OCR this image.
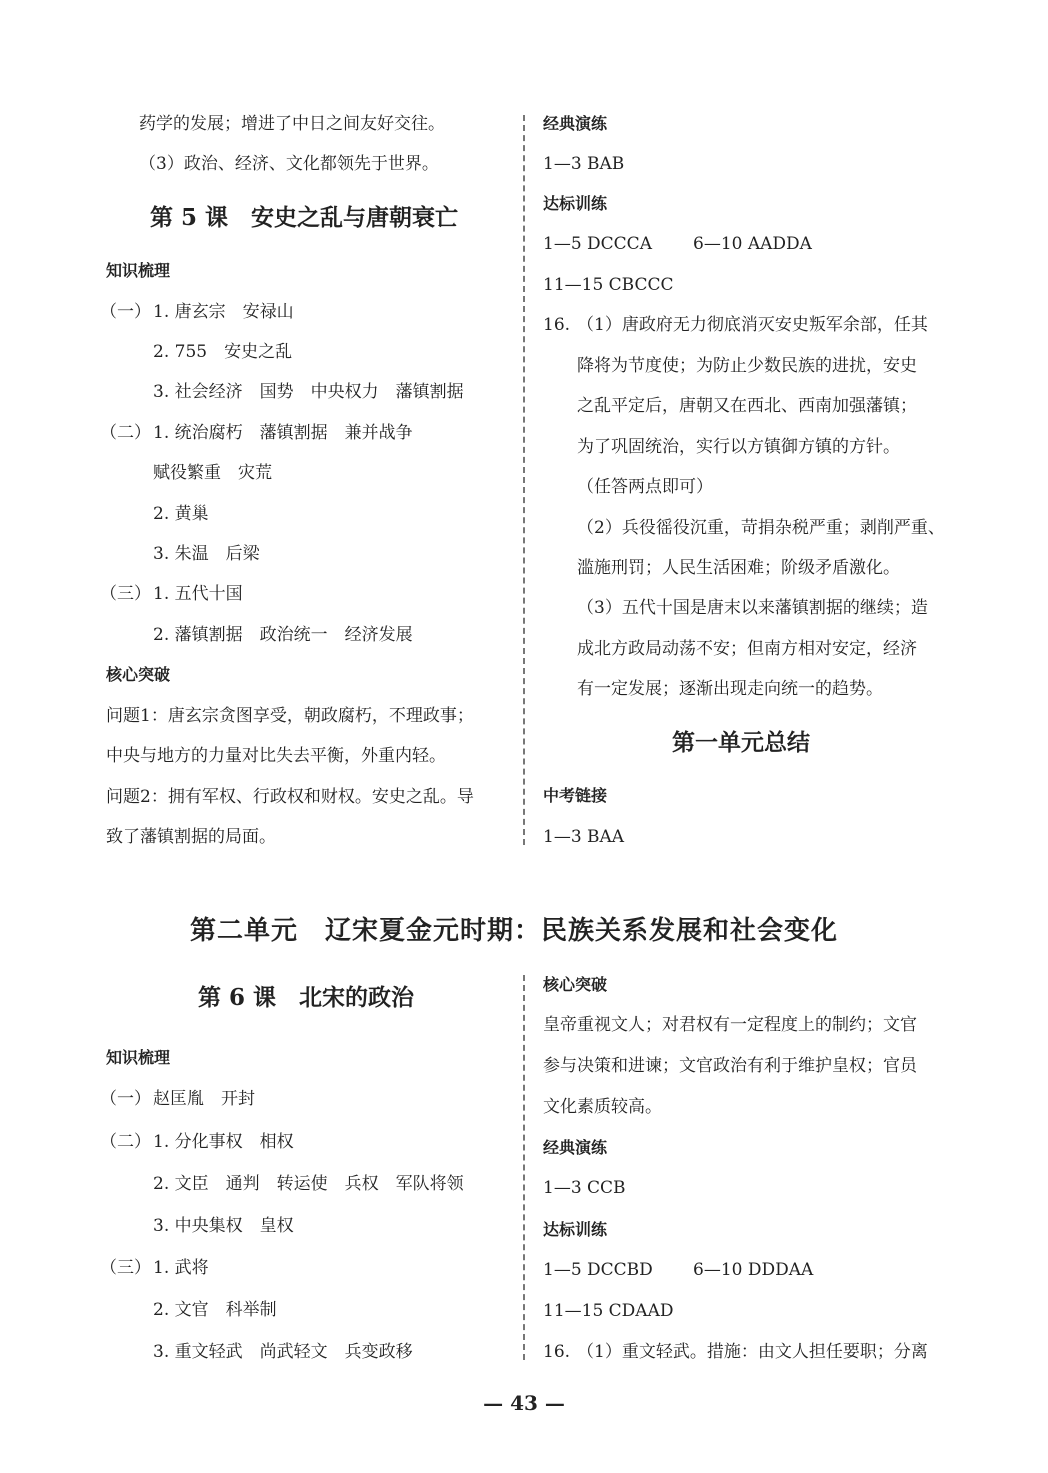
药学的发展；增进了中日之间友好交往。
（3）政治、经济、文化都领先于世界。
第 5 课　安史之乱与唐朝衰亡
知识梳理
（一） 1. 唐玄宗　安禄山
2. 755　安史之乱
3. 社会经济　国势　中央权力　藩镇割据
（二） 1. 统治腐朽　藩镇割据　兼并战争
赋役繁重　灾荒
2. 黄巢
3. 朱温　后梁
（三） 1. 五代十国
2. 藩镇割据　政治统一　经济发展
核心突破
问题1：唐玄宗贪图享受，朝政腐朽，不理政事；
中央与地方的力量对比失去平衡，外重内轻。
问题2：拥有军权、行政权和财权。安史之乱。导
致了藩镇割据的局面。
经典演练
1—3 BAB
达标训练
1—5 DCCCA 6—10 AADDA
11—15 CBCCC
16. （1）唐政府无力彻底消灭安史叛军余部，任其
降将为节度使；为防止少数民族的进扰，安史
之乱平定后，唐朝又在西北、西南加强藩镇；
为了巩固统治，实行以方镇御方镇的方针。
（任答两点即可）
（2）兵役徭役沉重，苛捐杂税严重；剥削严重、
滥施刑罚；人民生活困难；阶级矛盾激化。
（3）五代十国是唐末以来藩镇割据的继续；造
成北方政局动荡不安；但南方相对安定，经济
有一定发展；逐渐出现走向统一的趋势。
第一单元总结
中考链接
1—3 BAA
第二单元　辽宋夏金元时期：民族关系发展和社会变化
第 6 课　北宋的政治
知识梳理
（一） 赵匡胤　开封
（二） 1. 分化事权　相权
2. 文臣　通判　转运使　兵权　军队将领
3. 中央集权　皇权
（三） 1. 武将
2. 文官　科举制
3. 重文轻武　尚武轻文　兵变政移
核心突破
皇帝重视文人；对君权有一定程度上的制约；文官
参与决策和进谏；文官政治有利于维护皇权；官员
文化素质较高。
经典演练
1—3 CCB
达标训练
1—5 DCCBD 6—10 DDDAA
11—15 CDAAD
16. （1）重文轻武。措施：由文人担任要职；分离
— 43 —
